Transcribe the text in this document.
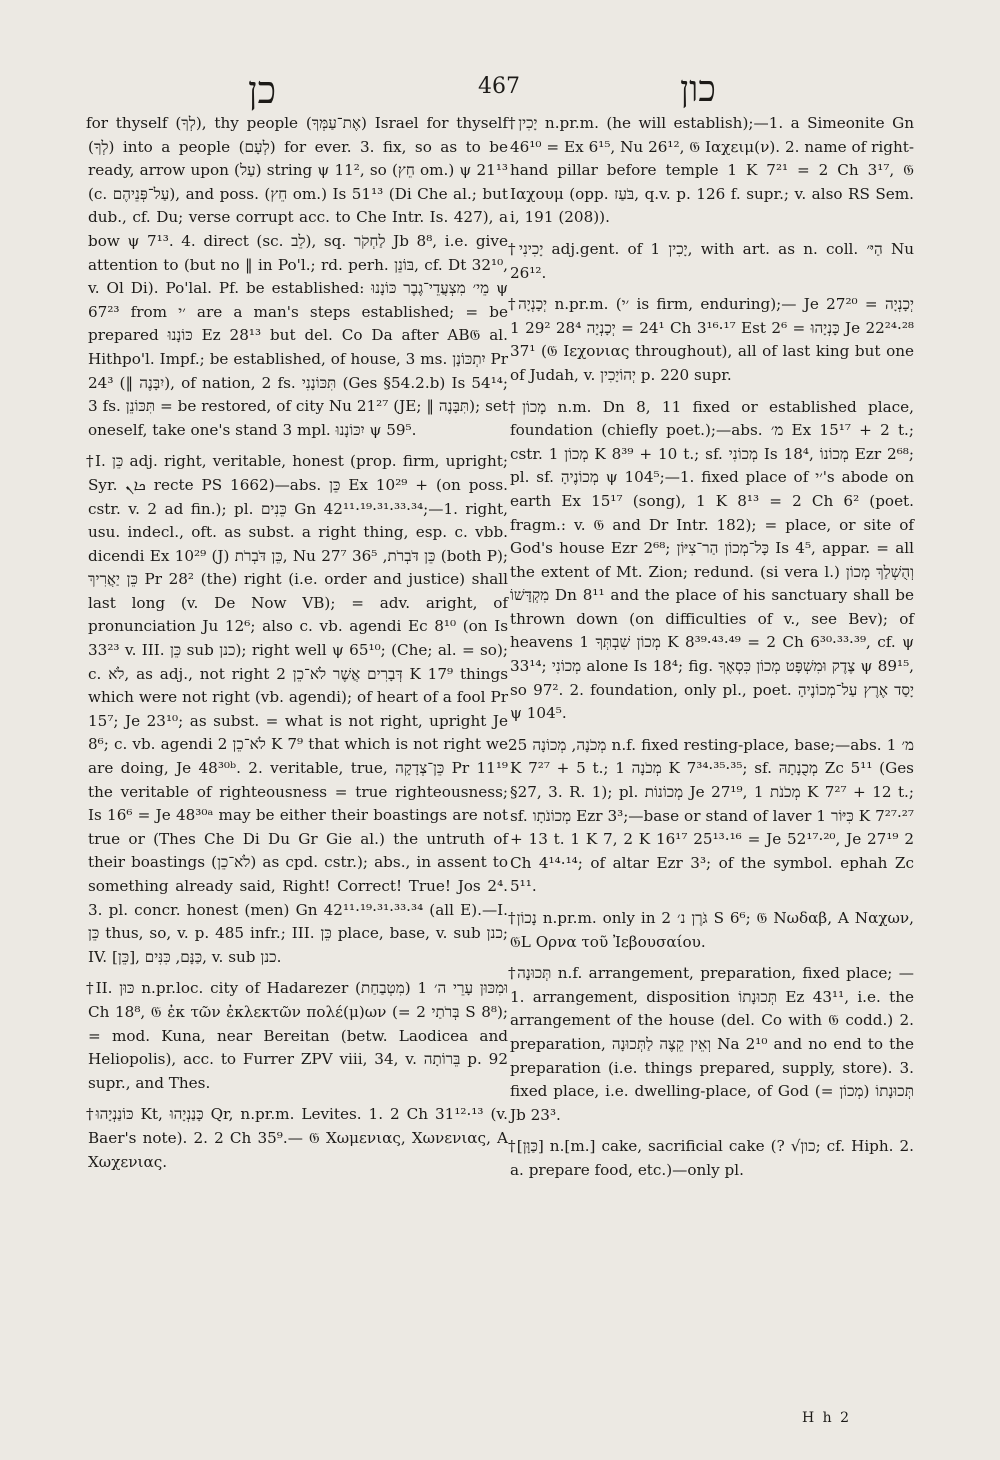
כן	467	כון

for thyself (לְךָ), thy people (אֶת־עַמְּךָ) Israel for thyself (לְךָ) into a people (לְעָם) for ever. 3. fix, so as to be ready, arrow upon (עַל) string ψ 11², so (חֵץ om.) ψ 21¹³ (c. עַל־פְּנֵיהֶם), and poss. (חֵץ om.) Is 51¹³ (Di Che al.; but dub., cf. Du; verse corrupt acc. to Che Intr. Is. 427), a bow ψ 7¹³. 4. direct (sc. לֵב), sq. לַחְקֹר Jb 8⁸, i.e. give attention to (but no ‖ in Po'l.; rd. perh. בּוֹנֵן, cf. Dt 32¹⁰, v. Ol Di). Po'lal. Pf. be established: מֵי׳ מִצְעֲדֵי־גֶבֶר כּוֹנָנוּ ψ 67²³ from ׳י are a man's steps established; = be prepared כּוֹנָנוּ Ez 28¹³ but del. Co Da after AB𝔊 al. Hithpo'l. Impf.; be established, of house, 3 ms. יִתְכּוֹנָן Pr 24³ (‖ יִבָּנֶה), of nation, 2 fs. תִּכּוֹנָנִי (Ges §54.2.b) Is 54¹⁴; 3 fs. תִּכּוֹנֵן = be restored, of city Nu 21²⁷ (JE; ‖ תִּבָּנֶה); set oneself, take one's stand 3 mpl. יִכּוֹנָנוּ ψ 59⁵.

†I. כֵּן adj. right, veritable, honest (prop. firm, upright; Syr. ܟܐܢ recte PS 1662)—abs. כֵּן Ex 10²⁹ + (on poss. cstr. v. 2 ad fin.); pl. כֵּנִים Gn 42¹¹·¹⁹·³¹·³³·³⁴;—1. right, usu. indecl., oft. as subst. a right thing, esp. c. vbb. dicendi Ex 10²⁹ (J) כֵּן דֹּבְרֹת, Nu 27⁷ כֵּן דֹּבְרֹת, 36⁵ (both P); כֵּן יַאֲרִיךְ Pr 28² (the) right (i.e. order and justice) shall last long (v. De Now VB); = adv. aright, of pronunciation Ju 12⁶; also c. vb. agendi Ec 8¹⁰ (on Is 33²³ v. III. כֵּן sub כנן); right well ψ 65¹⁰; (Che; al. = so); c. לֹא, as adj., not right דְּבָרִים אֲשֶׁר לֹא־כֵן 2 K 17⁹ things which were not right (vb. agendi); of heart of a fool Pr 15⁷; Je 23¹⁰; as subst. = what is not right, upright Je 8⁶; c. vb. agendi לֹא־כֵן 2 K 7⁹ that which is not right we are doing, Je 48³⁰ᵇ. 2. veritable, true, כֵּן־צְדָקָה Pr 11¹⁹ the veritable of righteousness = true righteousness; Is 16⁶ = Je 48³⁰ᵃ may be either their boastings are not true or (Thes Che Di Du Gr Gie al.) the untruth of their boastings (לֹא־כֵן) as cpd. cstr.); abs., in assent to something already said, Right! Correct! True! Jos 2⁴. 3. pl. concr. honest (men) Gn 42¹¹·¹⁹·³¹·³³·³⁴ (all E).—I. כֵּן thus, so, v. p. 485 infr.; III. כֵּן place, base, v. sub כנן; IV. [כֵּן], כַּנָּם, כִּנִּים, v. sub כנן.

†II. כּוּן n.pr.loc. city of Hadarezer (מִטְבַחַת) וּמִכּוּן עָרֵי ה׳ 1 Ch 18⁸, 𝔊 ἐκ τῶν ἐκλεκτῶν πολέ(μ)ων (= בְּרֹתַי 2 S 8⁸); = mod. Kuna, near Bereitan (betw. Laodicea and Heliopolis), acc. to Furrer ZPV viii, 34, v. בֵּרוֹתָה p. 92 supr., and Thes.

†כּוֹנַנְיָהוּ Kt, כָּנַנְיָהוּ Qr, n.pr.m. Levites. 1. 2 Ch 31¹²·¹³ (v. Baer's note). 2. 2 Ch 35⁹.— 𝔊 Χωμενιας, Χωνενιας, Α Χωχενιας.

†יָכִין n.pr.m. (he will establish);—1. a Simeonite Gn 46¹⁰ = Ex 6¹⁵, Nu 26¹², 𝔊 Ιαχειμ(ν). 2. name of right-hand pillar before temple 1 K 7²¹ = 2 Ch 3¹⁷, 𝔊 Ιαχουμ (opp. בֹּעַז, q.v. p. 126 f. supr.; v. also RS Sem. i, 191 (208)).

†יָכִינִי adj.gent. of יָכִין 1, with art. as n. coll. הַיּ׳ Nu 26¹².

†יְכָנְיָה n.pr.m. (׳י is firm, enduring);— Je 27²⁰ = יְכָנְיָה 24¹ = יְכָנְיָה 28⁴ 29² 1 Ch 3¹⁶·¹⁷ Est 2⁶ = כָּנְיָהוּ Je 22²⁴·²⁸ 37¹ (𝔊 Ιεχονιας throughout), all of last king but one of Judah, v. יְהוֹיָכִין p. 220 supr.

†מָכוֹן n.m. Dn 8, 11 fixed or established place, foundation (chiefly poet.);—abs. מ׳ Ex 15¹⁷ + 2 t.; cstr. מְכוֹן 1 K 8³⁹ + 10 t.; sf. מְכוֹנִי Is 18⁴, מְכוֹנוֹ Ezr 2⁶⁸; pl. sf. מְכוֹנֶיהָ ψ 104⁵;—1. fixed place of ׳י's abode on earth Ex 15¹⁷ (song), 1 K 8¹³ = 2 Ch 6² (poet. fragm.: v. 𝔊 and Dr Intr. 182); = place, or site of God's house Ezr 2⁶⁸; כָּל־מְכוֹן הַר־צִיּוֹן Is 4⁵, appar. = all the extent of Mt. Zion; redund. (si vera l.) וְהֻשְׁלַךְ מְכוֹן מִקְדָּשׁוֹ Dn 8¹¹ and the place of his sanctuary shall be thrown down (on difficulties of v., see Bev); of heavens מְכוֹן שִׁבְתְּךָ 1 K 8³⁹·⁴³·⁴⁹ = 2 Ch 6³⁰·³³·³⁹, cf. ψ 33¹⁴; מְכוֹנִי alone Is 18⁴; fig. צֶדֶק וּמִשְׁפָּט מְכוֹן כִּסְאֶךָ ψ 89¹⁵, so 97². 2. foundation, only pl., poet. יָסַד אֶרֶץ עַל־מְכוֹנֶיהָ ψ 104⁵.

מְכֹנָה, מְכוֹנָה 25 n.f. fixed resting-place, base;—abs. מ׳ 1 K 7²⁷ + 5 t.; מְכֹנָה 1 K 7³⁴·³⁵·³⁵; sf. מְכֻנָתָהּ Zc 5¹¹ (Ges §27, 3. R. 1); pl. מְכוֹנוֹת Je 27¹⁹, מְכֹנֹת 1 K 7²⁷ + 12 t.; sf. מְכוֹנֹתָו Ezr 3³;—base or stand of laver כִּיּוֹר 1 K 7²⁷·²⁷ + 13 t. 1 K 7, 2 K 16¹⁷ 25¹³·¹⁶ = Je 52¹⁷·²⁰, Je 27¹⁹ 2 Ch 4¹⁴·¹⁴; of altar Ezr 3³; of the symbol. ephah Zc 5¹¹.

†נָכוֹן n.pr.m. only in גֹּרֶן נ׳ 2 S 6⁶; 𝔊 Νωδαβ, Α Ναχων, 𝔊L Ορνα τοῦ Ἰεβουσαίου.

†תְּכוּנָה n.f. arrangement, preparation, fixed place; — 1. arrangement, disposition תְּכוּנָתוֹ Ez 43¹¹, i.e. the arrangement of the house (del. Co with 𝔊 codd.) 2. preparation, וְאֵין קֵצֶה לַתְּכוּנָה Na 2¹⁰ and no end to the preparation (i.e. things prepared, supply, store). 3. fixed place, i.e. dwelling-place, of God (= מְכוֹן) תְּכוּנָתוֹ Jb 23³.

†[כַּוָּן] n.[m.] cake, sacrificial cake (? √כון; cf. Hiph. 2. a. prepare food, etc.)—only pl.

H h 2
